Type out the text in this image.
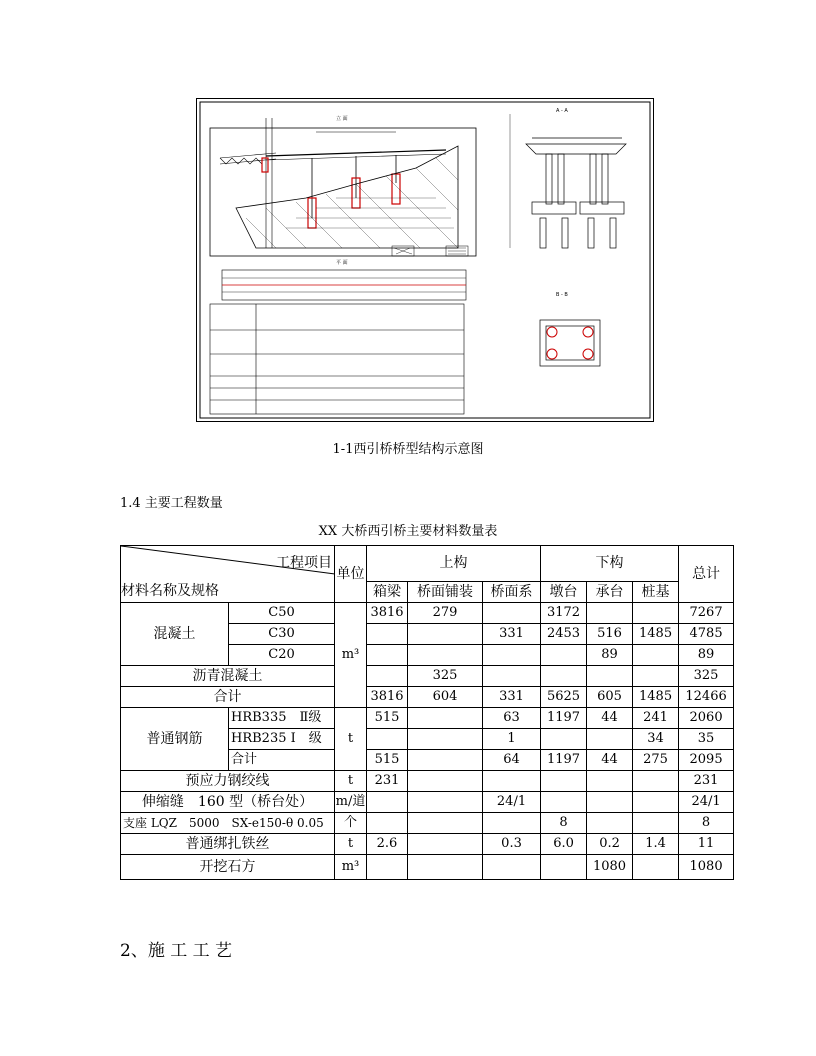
立 面
平 面
A - A
B - B
1-1西引桥桥型结构示意图
1.4 主要工程数量
XX 大桥西引桥主要材料数量表
工程项目
材料名称及规格		单位	上构			下构			总计
			箱梁	桥面铺装	桥面系	墩台	承台	桩基	
混凝土	C50	m³	3816	279		3172			7267
	C30				331	2453	516	1485	4785
	C20						89		89
沥青混凝土				325					325
合计			3816	604	331	5625	605	1485	12466
普通钢筋	HRB335　Ⅱ级	t	515		63	1197	44	241	2060
	HRB235 Ⅰ　级				1			34	35
	合计		515		64	1197	44	275	2095
预应力钢绞线		t	231						231
伸缩缝　160 型（桥台处）		m/道			24/1				24/1
支座 LQZ　5000　SX-e150-θ 0.05		个				8			8
普通绑扎铁丝		t	2.6		0.3	6.0	0.2	1.4	11
开挖石方		m³					1080		1080
2、施 工 工 艺
